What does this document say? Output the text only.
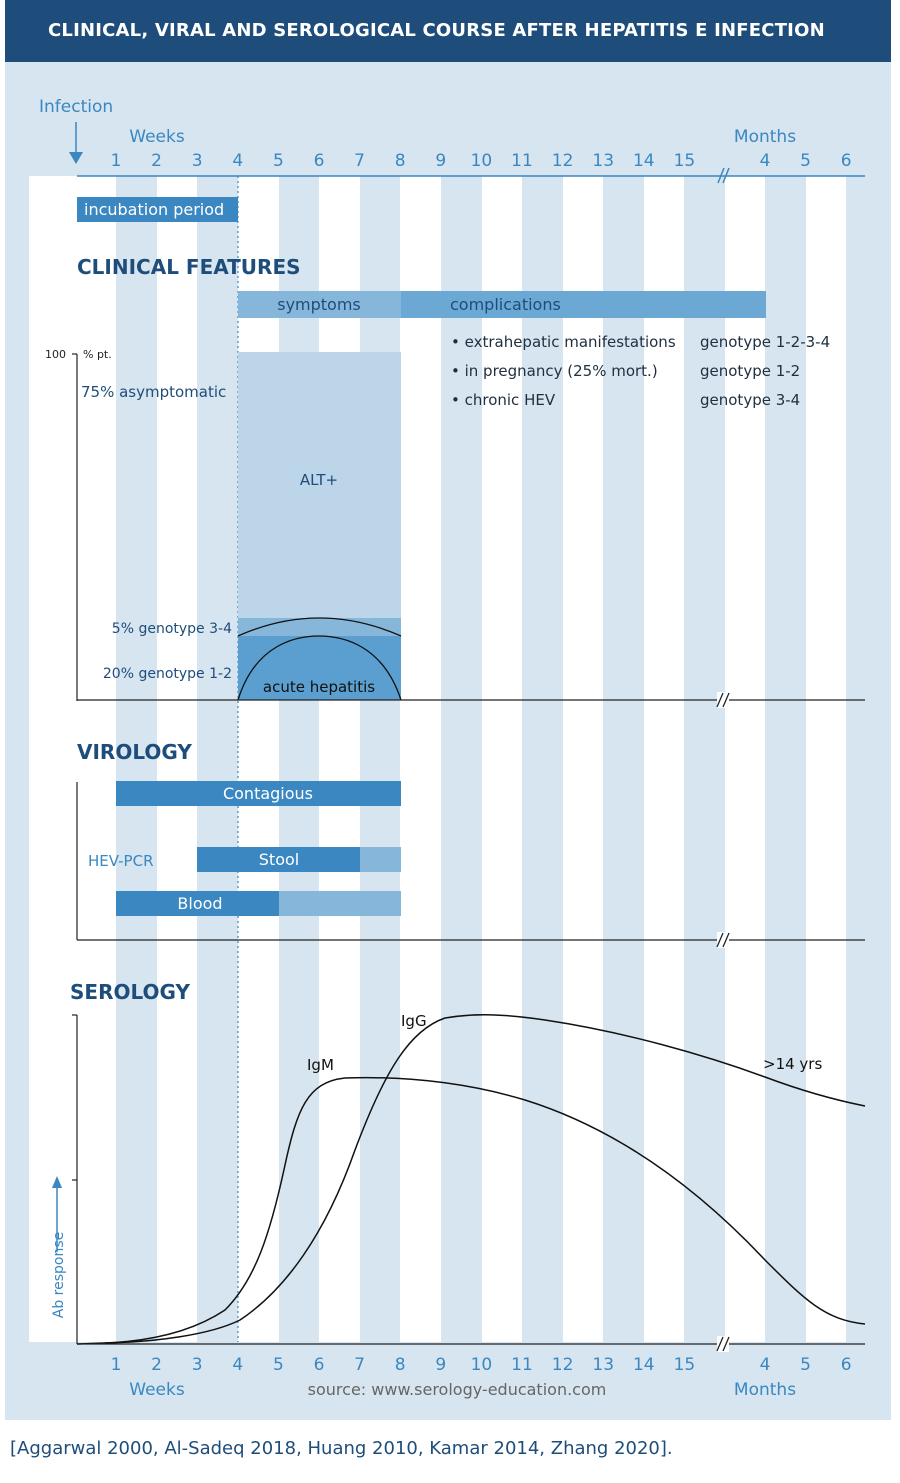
CLINICAL, VIRAL AND SEROLOGICAL COURSE AFTER HEPATITIS E INFECTION
Infection
Weeks	Months
1 2 3 4 5 6 7 8 9 10 11 12 13 14 15	4 5 6
incubation period
CLINICAL FEATURES
symptoms	complications
• extrahepatic manifestations genotype 1-2-3-4
• in pregnancy (25% mort.)	genotype 1-2
• chronic HEV	genotype 3-4
100 % pt.
75% asymptomatic
ALT+
5% genotype 3-4
20% genotype 1-2
acute hepatitis
VIROLOGY
Contagious
HEV-PCR	Stool
Blood
SEROLOGY
Ab response
IgM
IgG
>14 yrs
1 2 3 4 5 6 7 8 9 10 11 12 13 14 15	4 5 6
Weeks	Months
source: www.serology-education.com
[Aggarwal 2000, Al-Sadeq 2018, Huang 2010, Kamar 2014, Zhang 2020].
